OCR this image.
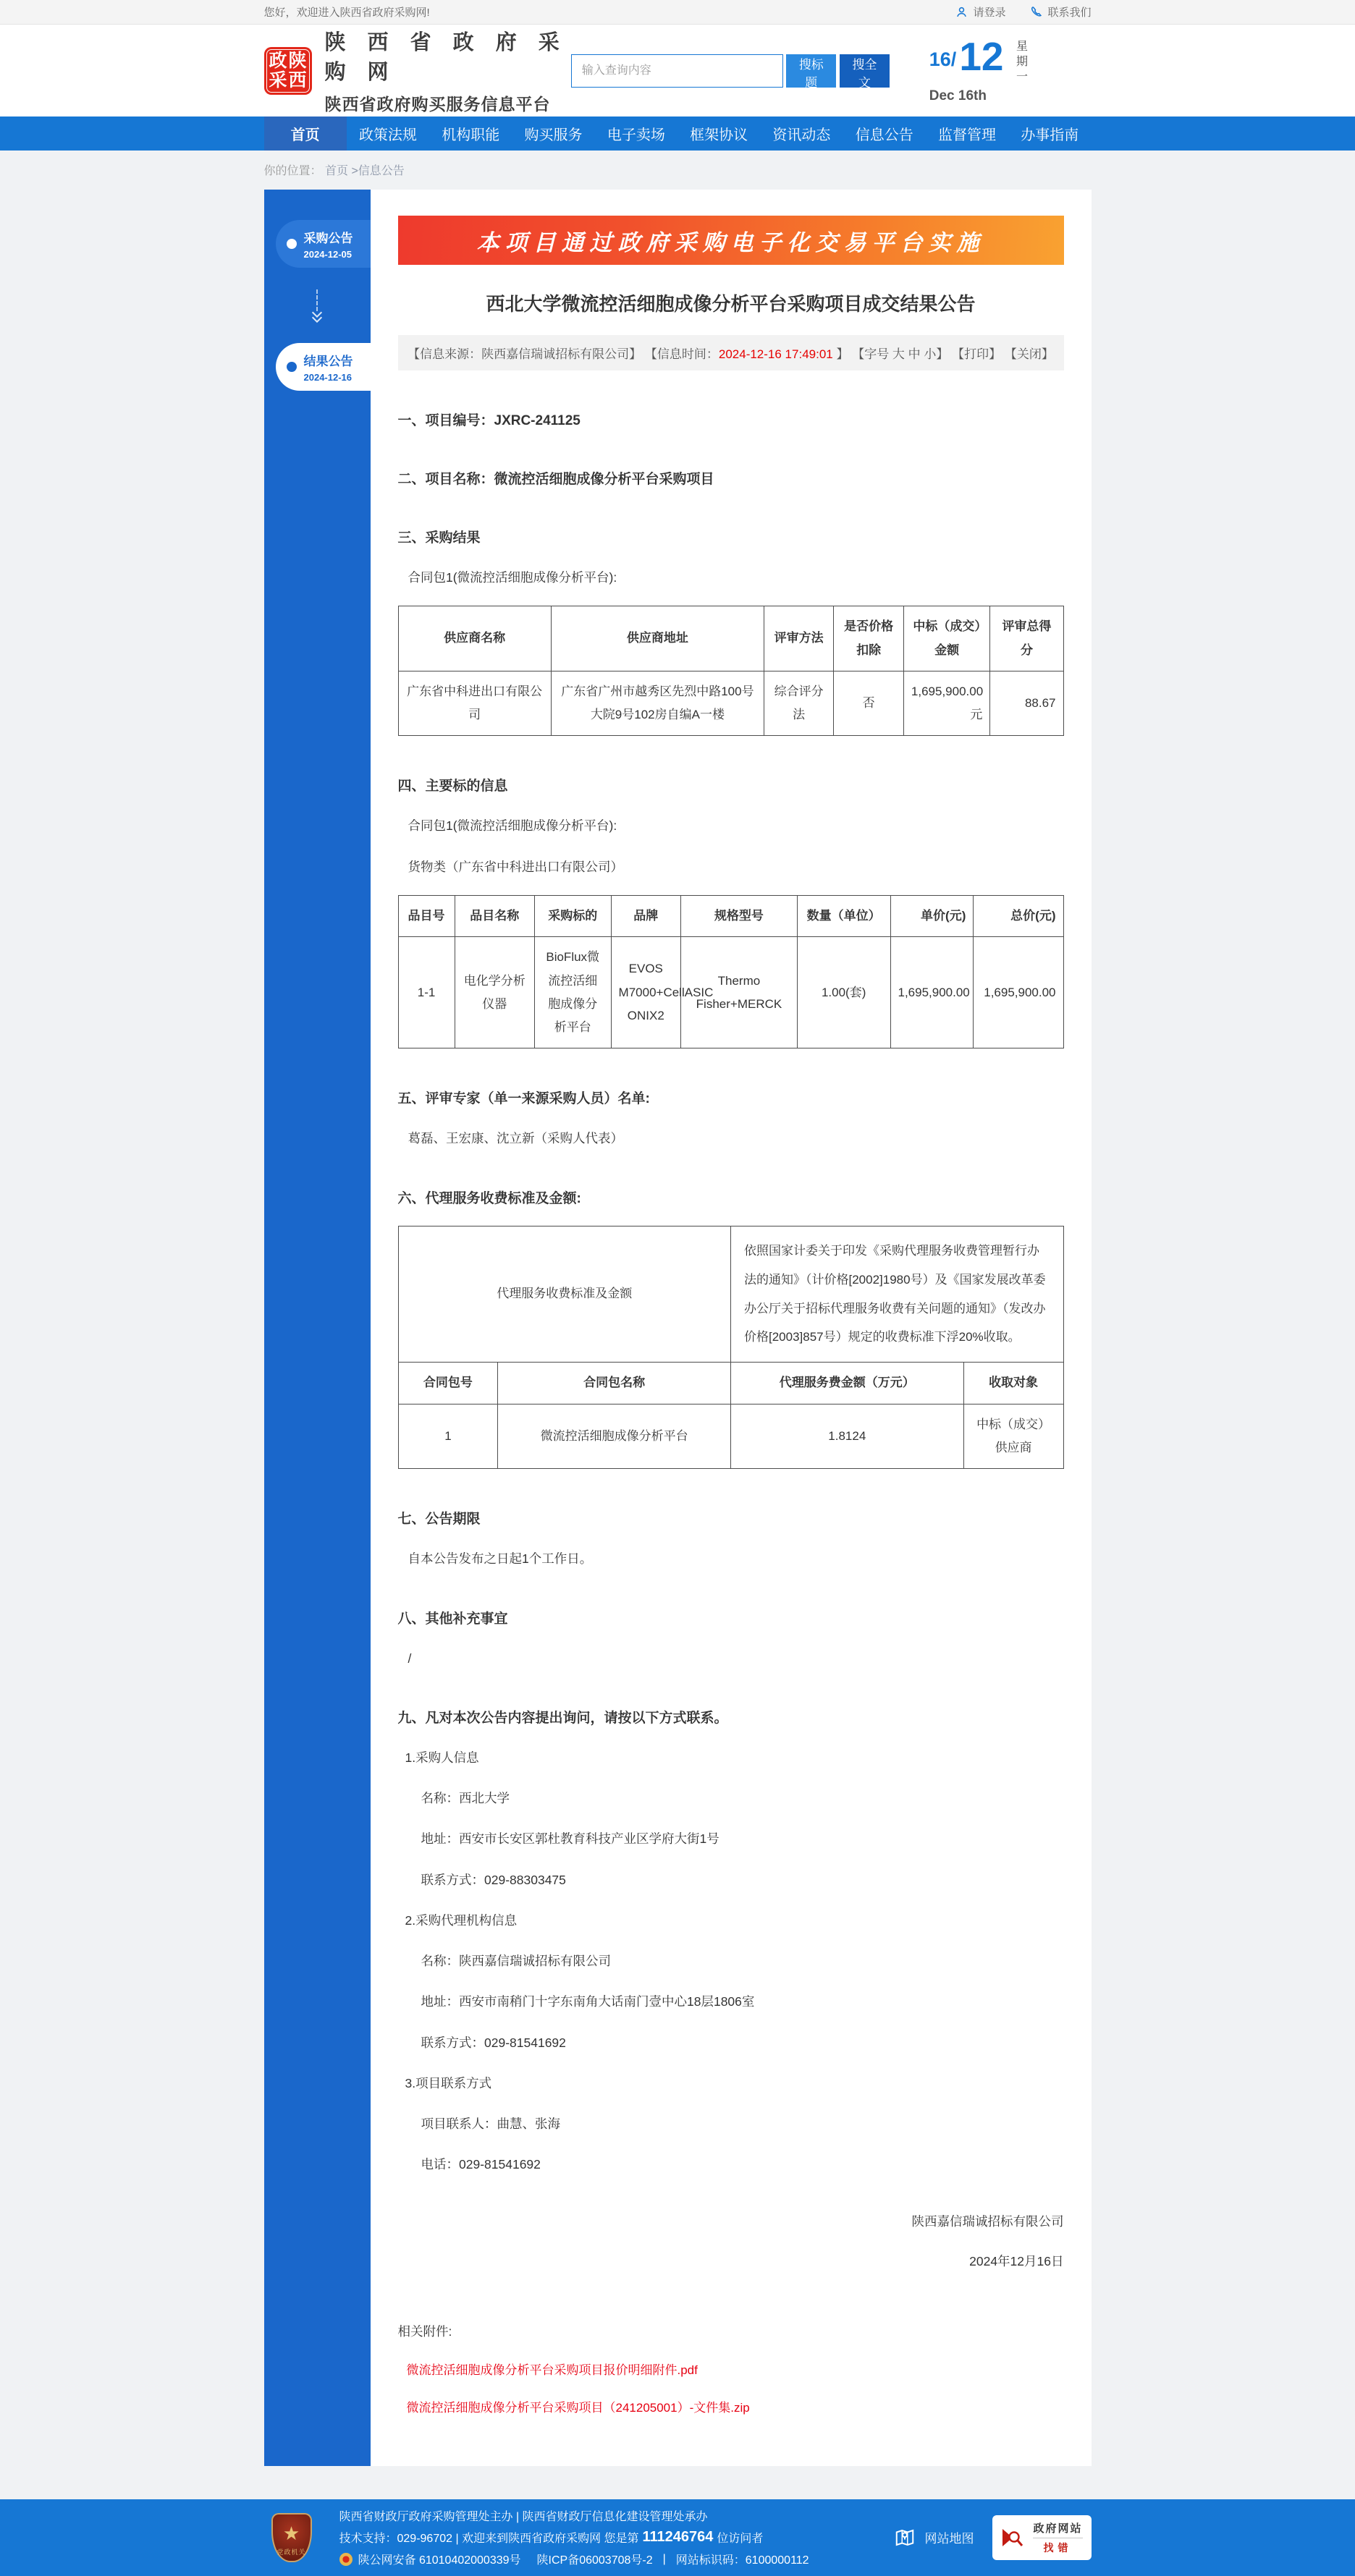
您好，欢迎进入陕西省政府采购网!	请登录	联系我们
政 陕
采 西
陕 西 省 政 府 采 购 网
陕西省政府购买服务信息平台
输入查询内容
搜标题
搜全文
16/ 12 星期一
Dec 16th
首页	政策法规	机构职能	购买服务	电子卖场	框架协议	资讯动态	信息公告	监督管理	办事指南
你的位置： 首页 >信息公告
采购公告
2024-12-05
结果公告
2024-12-16
本项目通过政府采购电子化交易平台实施
西北大学微流控活细胞成像分析平台采购项目成交结果公告
【信息来源：陕西嘉信瑞诚招标有限公司】 【信息时间：2024-12-16 17:49:01 】 【字号 大 中 小】 【打印】 【关闭】
一、项目编号：JXRC-241125
二、项目名称：微流控活细胞成像分析平台采购项目
三、采购结果
合同包1(微流控活细胞成像分析平台):
供应商名称	供应商地址	评审方法	是否价格扣除	中标（成交）金额	评审总得分
广东省中科进出口有限公司	广东省广州市越秀区先烈中路100号大院9号102房自编A一楼	综合评分法	否	1,695,900.00元	88.67
四、主要标的信息
合同包1(微流控活细胞成像分析平台):
货物类（广东省中科进出口有限公司）
品目号	品目名称	采购标的	品牌	规格型号	数量（单位）	单价(元)	总价(元)
1-1	电化学分析仪器	BioFlux微流控活细胞成像分析平台	EVOS M7000+CellASIC ONIX2	Thermo Fisher+MERCK	1.00(套)	1,695,900.00	1,695,900.00
五、评审专家（单一来源采购人员）名单:
葛磊、王宏康、沈立新（采购人代表）
六、代理服务收费标准及金额:
代理服务收费标准及金额		依照国家计委关于印发《采购代理服务收费管理暂行办法的通知》（计价格[2002]1980号）及《国家发展改革委办公厅关于招标代理服务收费有关问题的通知》（发改办价格[2003]857号）规定的收费标准下浮20%收取。	
合同包号	合同包名称	代理服务费金额（万元）	收取对象
1	微流控活细胞成像分析平台	1.8124	中标（成交）供应商
七、公告期限
自本公告发布之日起1个工作日。
八、其他补充事宜
/
九、凡对本次公告内容提出询问，请按以下方式联系。
1.采购人信息
名称：西北大学
地址：西安市长安区郭杜教育科技产业区学府大街1号
联系方式：029-88303475
2.采购代理机构信息
名称：陕西嘉信瑞诚招标有限公司
地址：西安市南稍门十字东南角大话南门壹中心18层1806室
联系方式：029-81541692
3.项目联系方式
项目联系人：曲慧、张海
电话：029-81541692
陕西嘉信瑞诚招标有限公司
2024年12月16日
相关附件:
微流控活细胞成像分析平台采购项目报价明细附件.pdf
微流控活细胞成像分析平台采购项目（241205001）-文件集.zip
★
党政机关
陕西省财政厅政府采购管理处主办 | 陕西省财政厅信息化建设管理处承办
技术支持：029-96702 | 欢迎来到陕西省政府采购网 您是第 111246764 位访问者
陕公网安备 61010402000339号 陕ICP备06003708号-2 | 网站标识码：6100000112
网站地图
政府网站
找错
